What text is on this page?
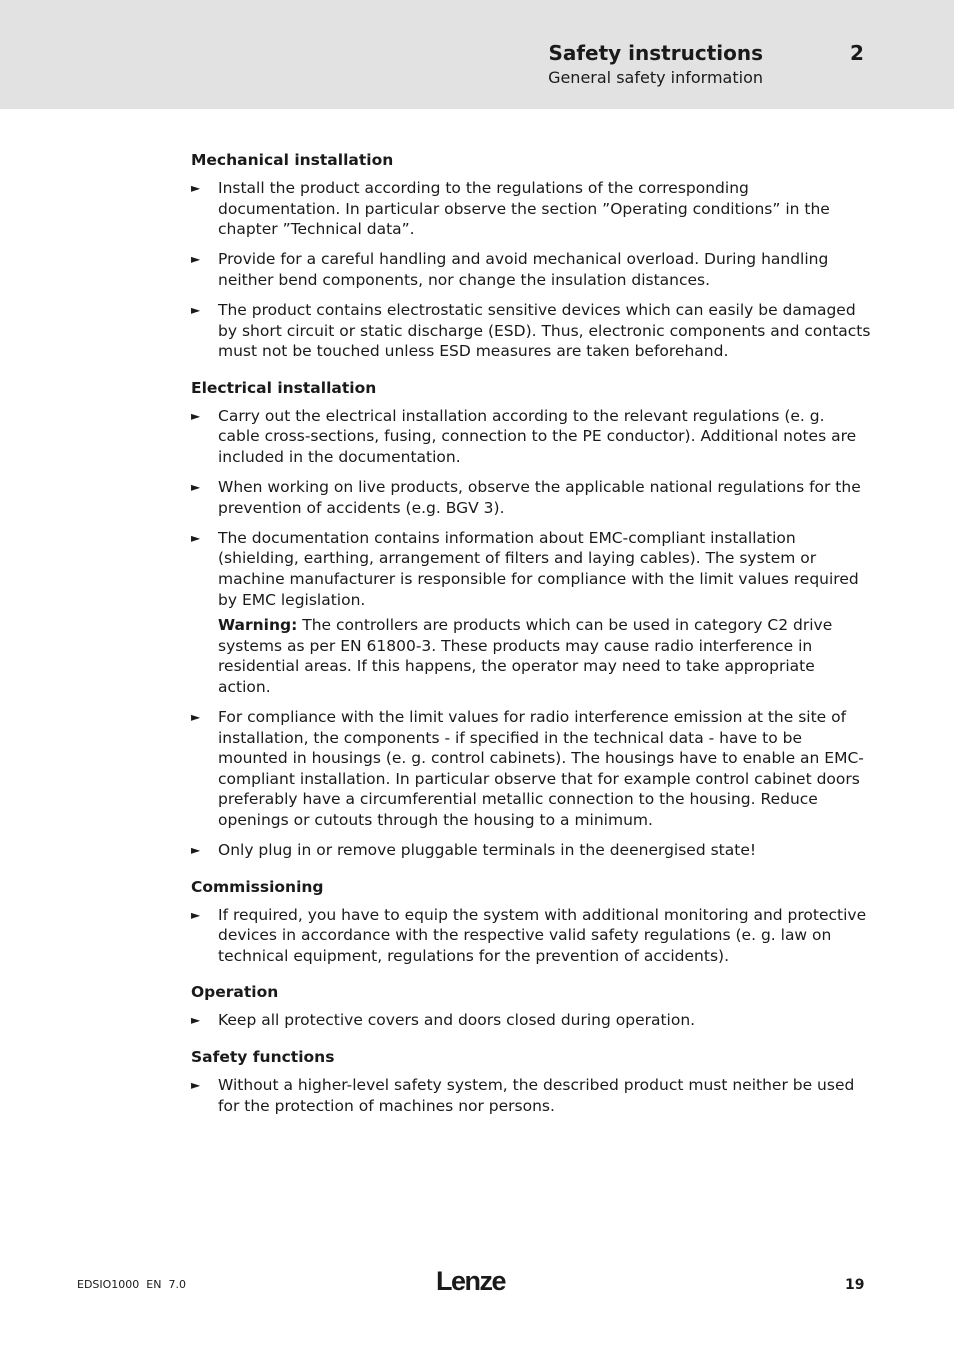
Safety instructions	2
General safety information
Mechanical installation
► Install the product according to the regulations of the corresponding documentation. In particular observe the section ”Operating conditions” in the chapter ”Technical data”.
► Provide for a careful handling and avoid mechanical overload. During handling neither bend components, nor change the insulation distances.
► The product contains electrostatic sensitive devices which can easily be damaged by short circuit or static discharge (ESD). Thus, electronic components and contacts must not be touched unless ESD measures are taken beforehand.
Electrical installation
► Carry out the electrical installation according to the relevant regulations (e. g. cable cross-sections, fusing, connection to the PE conductor). Additional notes are included in the documentation.
► When working on live products, observe the applicable national regulations for the prevention of accidents (e.g. BGV 3).
► The documentation contains information about EMC-compliant installation (shielding, earthing, arrangement of filters and laying cables). The system or machine manufacturer is responsible for compliance with the limit values required by EMC legislation.
Warning: The controllers are products which can be used in category C2 drive systems as per EN 61800-3. These products may cause radio interference in residential areas. If this happens, the operator may need to take appropriate action.
► For compliance with the limit values for radio interference emission at the site of installation, the components - if specified in the technical data - have to be mounted in housings (e. g. control cabinets). The housings have to enable an EMC-compliant installation. In particular observe that for example control cabinet doors preferably have a circumferential metallic connection to the housing. Reduce openings or cutouts through the housing to a minimum.
► Only plug in or remove pluggable terminals in the deenergised state!
Commissioning
► If required, you have to equip the system with additional monitoring and protective devices in accordance with the respective valid safety regulations (e. g. law on technical equipment, regulations for the prevention of accidents).
Operation
► Keep all protective covers and doors closed during operation.
Safety functions
► Without a higher-level safety system, the described product must neither be used for the protection of machines nor persons.
EDSIO1000  EN  7.0	Lenze	19
